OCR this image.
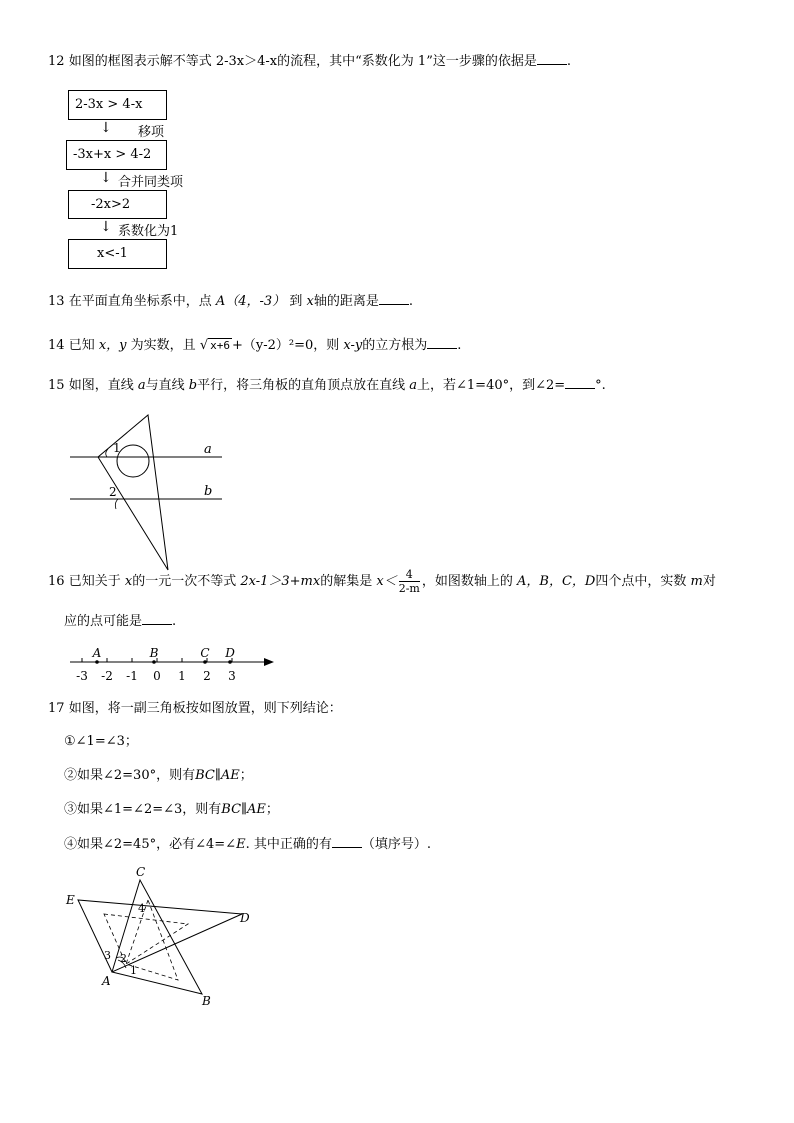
12 如图的框图表示解不等式 2-3x＞4-x的流程，其中“系数化为 1”这一步骤的依据是 .
2-3x > 4-x
↓ 移项
-3x+x > 4-2
↓ 合并同类项
-2x>2
↓ 系数化为1
x<-1
13 在平面直角坐标系中，点 A（4，-3） 到 x轴的距离是 .
14 已知 x，y 为实数，且 √ x+6 +（y-2）²=0，则 x-y的立方根为 .
15 如图，直线 a与直线 b平行，将三角板的直角顶点放在直线 a上，若∠1=40°，到∠2= °.
1
2
a
b
16 已知关于 x的一元一次不等式 2x-1＞3+mx的解集是 $x< \frac{4}{2-m}$ ，如图数轴上的 A，B，C，D四个点中，实数 m对
应的点可能是 .
-3 -2 -1 0 1 2 3
A	B	C D
17 如图，将一副三角板按如图放置，则下列结论：
①∠1=∠3；
②如果∠2=30°，则有BC∥AE；
③如果∠1=∠2=∠3，则有BC∥AE；
④如果∠2=45°，必有∠4=∠E. 其中正确的有 （填序号）.
C
E
D
A
B
1
2
3
4
